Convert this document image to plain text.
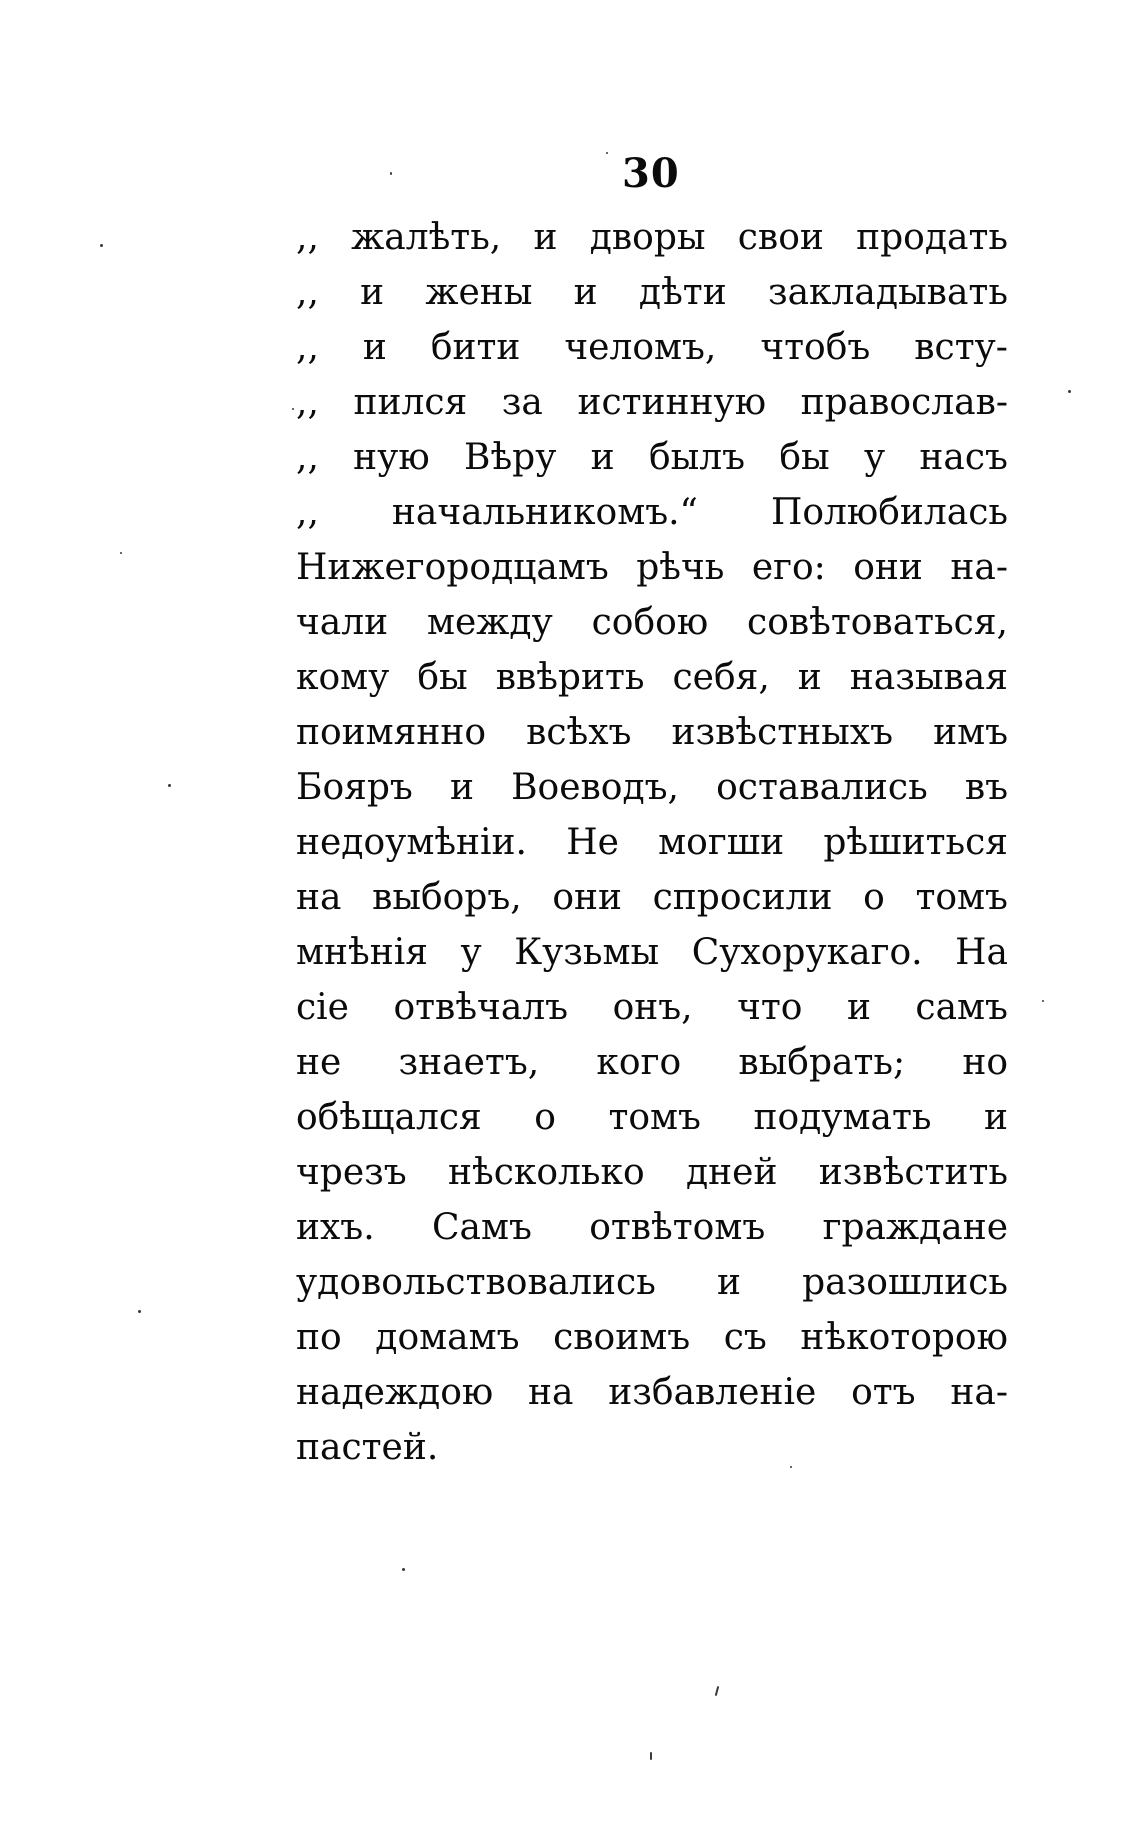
30
,, жалѣть, и дворы свои продать
,, и жены и дѣти закладывать
,, и бити челомъ, чтобъ всту-
,, пился за истинную православ-
,, ную Вѣру и былъ бы у насъ
,, начальникомъ.“ Полюбилась
Нижегородцамъ рѣчь его: они на-
чали между собою совѣтоваться,
кому бы ввѣрить себя, и называя
поимянно всѣхъ извѣстныхъ имъ
Бояръ и Воеводъ, оставались въ
недоумѣніи. Не могши рѣшиться
на выборъ, они спросили о томъ
мнѣнія у Кузьмы Сухорукаго. На
сіе отвѣчалъ онъ, что и самъ
не знаетъ, кого выбрать; но
обѣщался о томъ подумать и
чрезъ нѣсколько дней извѣстить
ихъ. Самъ отвѣтомъ граждане
удовольствовались и разошлись
по домамъ своимъ съ нѣкоторою
надеждою на избавленіе отъ на-
пастей.
